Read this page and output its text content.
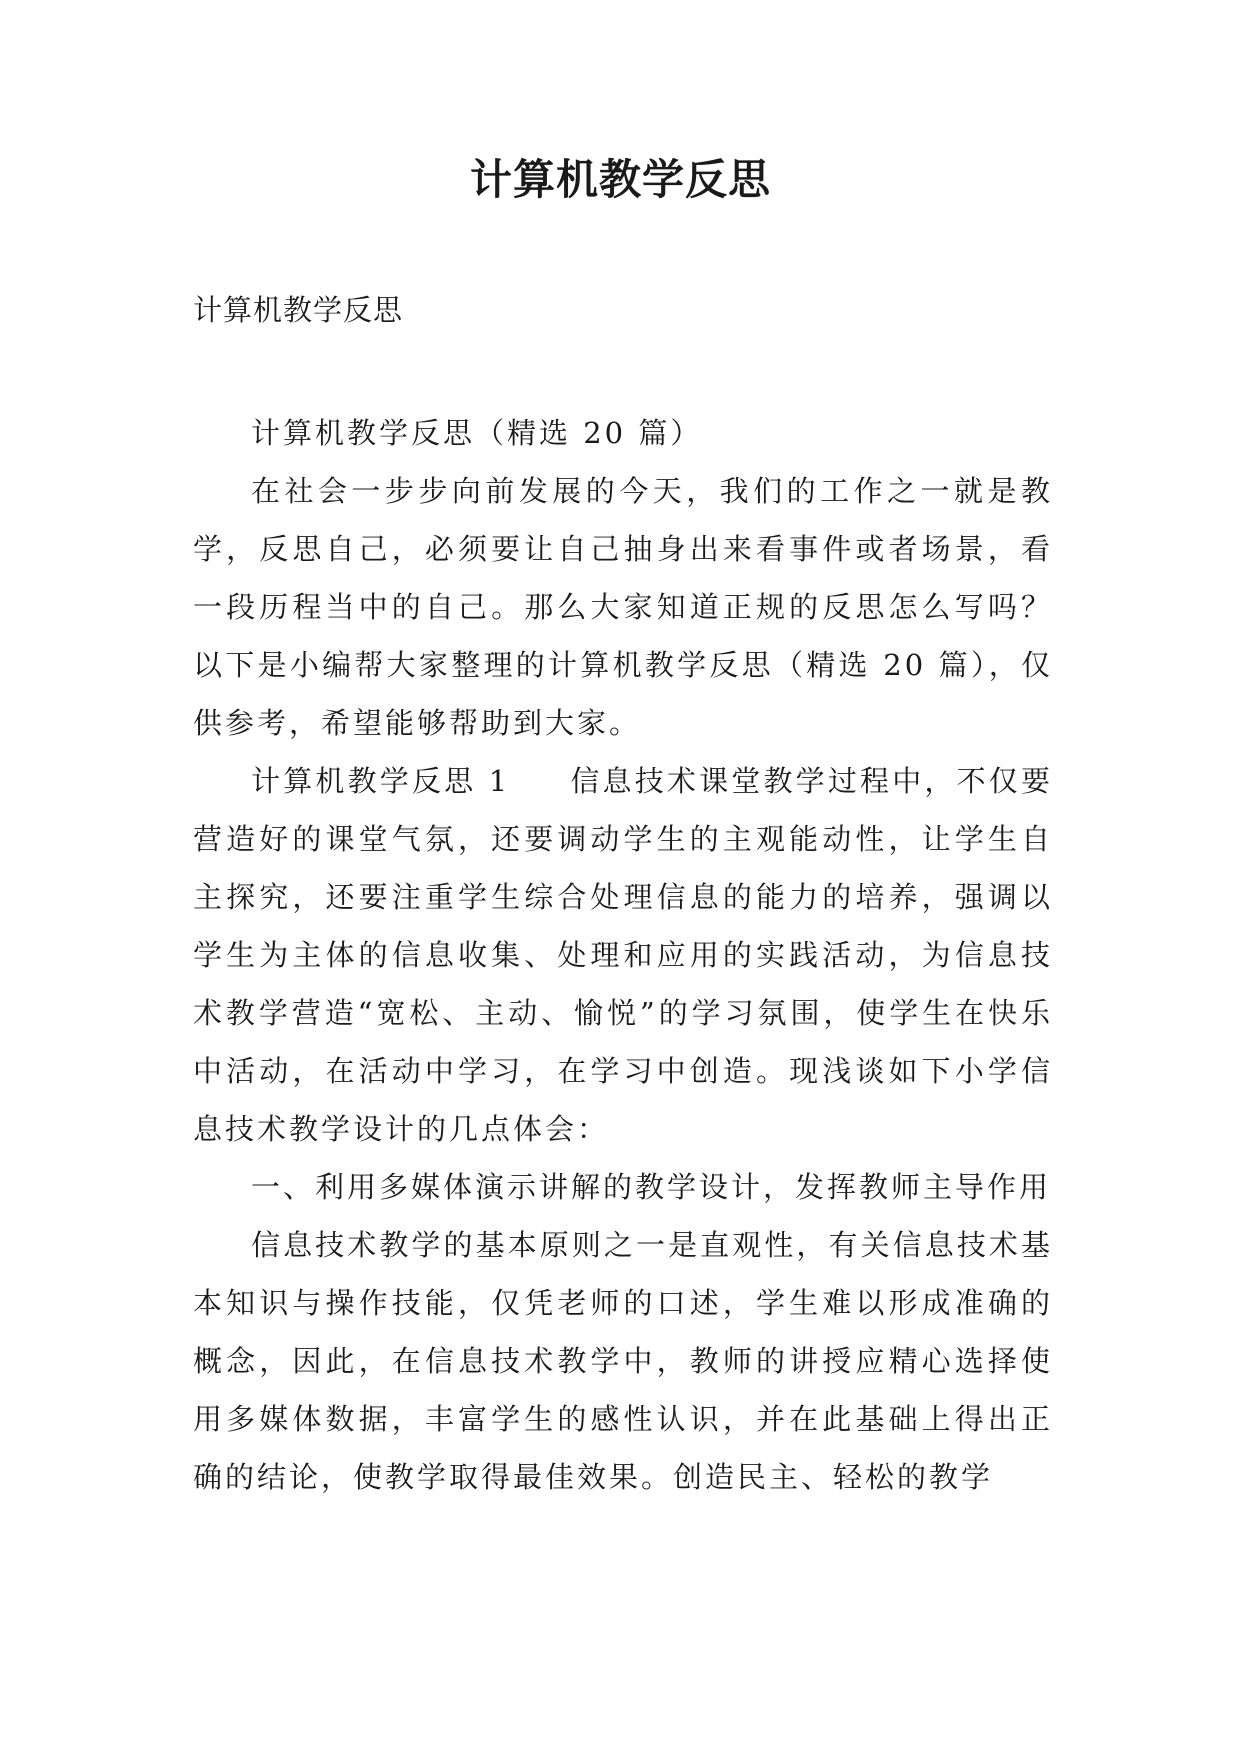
计算机教学反思
计算机教学反思

计算机教学反思（精选 20 篇）

在社会一步步向前发展的今天，我们的工作之一就是教学，反思自己，必须要让自己抽身出来看事件或者场景，看一段历程当中的自己。那么大家知道正规的反思怎么写吗？以下是小编帮大家整理的计算机教学反思（精选 20 篇），仅供参考，希望能够帮助到大家。

计算机教学反思 1 信息技术课堂教学过程中，不仅要营造好的课堂气氛，还要调动学生的主观能动性，让学生自主探究，还要注重学生综合处理信息的能力的培养，强调以学生为主体的信息收集、处理和应用的实践活动，为信息技术教学营造“宽松、主动、愉悦”的学习氛围，使学生在快乐中活动，在活动中学习，在学习中创造。现浅谈如下小学信息技术教学设计的几点体会：

一、利用多媒体演示讲解的教学设计，发挥教师主导作用

信息技术教学的基本原则之一是直观性，有关信息技术基本知识与操作技能，仅凭老师的口述，学生难以形成准确的概念，因此，在信息技术教学中，教师的讲授应精心选择使用多媒体数据，丰富学生的感性认识，并在此基础上得出正确的结论，使教学取得最佳效果。创造民主、轻松的教学
